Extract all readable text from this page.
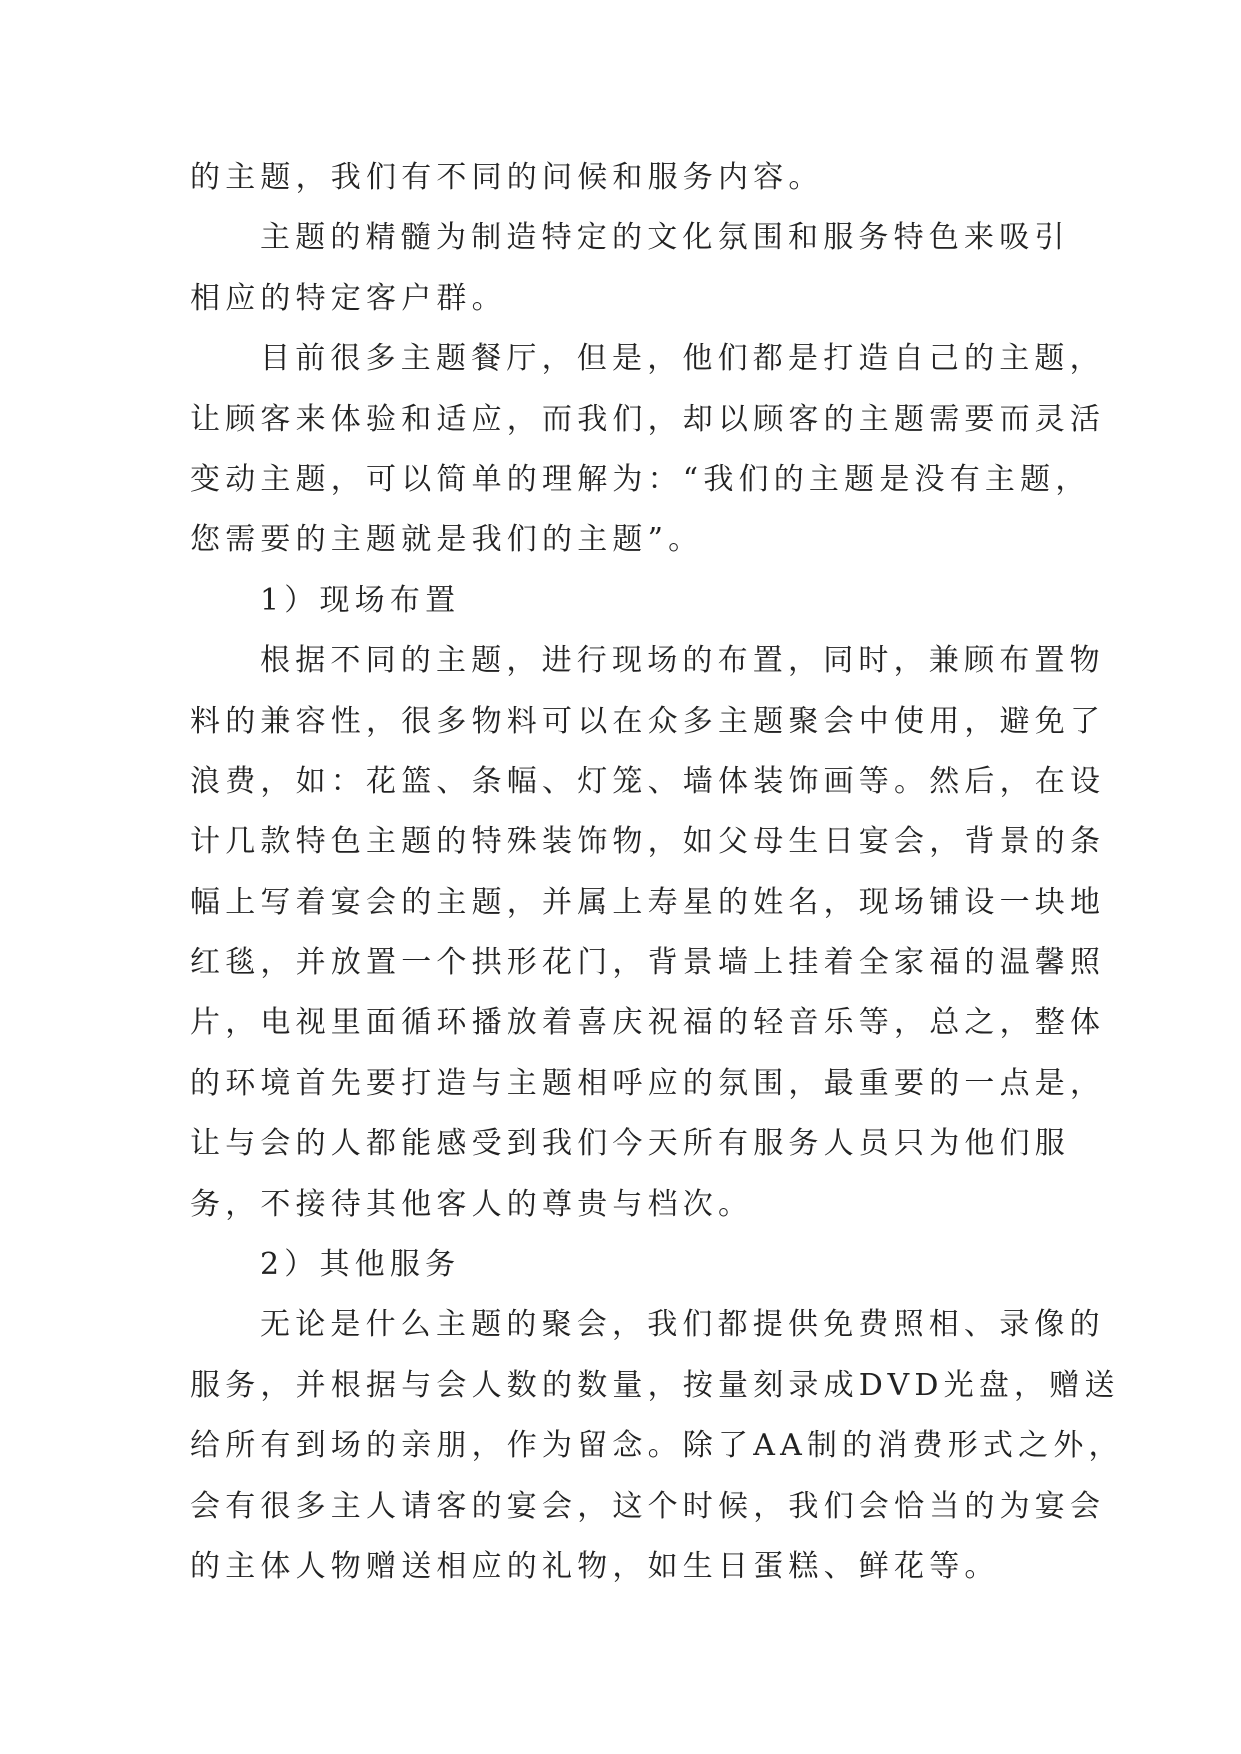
的主题，我们有不同的问候和服务内容。
主题的精髓为制造特定的文化氛围和服务特色来吸引
相应的特定客户群。
目前很多主题餐厅，但是，他们都是打造自己的主题，
让顾客来体验和适应，而我们，却以顾客的主题需要而灵活
变动主题，可以简单的理解为：“我们的主题是没有主题，
您需要的主题就是我们的主题”。
1）现场布置
根据不同的主题，进行现场的布置，同时，兼顾布置物
料的兼容性，很多物料可以在众多主题聚会中使用，避免了
浪费，如：花篮、条幅、灯笼、墙体装饰画等。然后，在设
计几款特色主题的特殊装饰物，如父母生日宴会，背景的条
幅上写着宴会的主题，并属上寿星的姓名，现场铺设一块地
红毯，并放置一个拱形花门，背景墙上挂着全家福的温馨照
片，电视里面循环播放着喜庆祝福的轻音乐等，总之，整体
的环境首先要打造与主题相呼应的氛围，最重要的一点是，
让与会的人都能感受到我们今天所有服务人员只为他们服
务，不接待其他客人的尊贵与档次。
2）其他服务
无论是什么主题的聚会，我们都提供免费照相、录像的
服务，并根据与会人数的数量，按量刻录成DVD光盘，赠送
给所有到场的亲朋，作为留念。除了AA制的消费形式之外，
会有很多主人请客的宴会，这个时候，我们会恰当的为宴会
的主体人物赠送相应的礼物，如生日蛋糕、鲜花等。
